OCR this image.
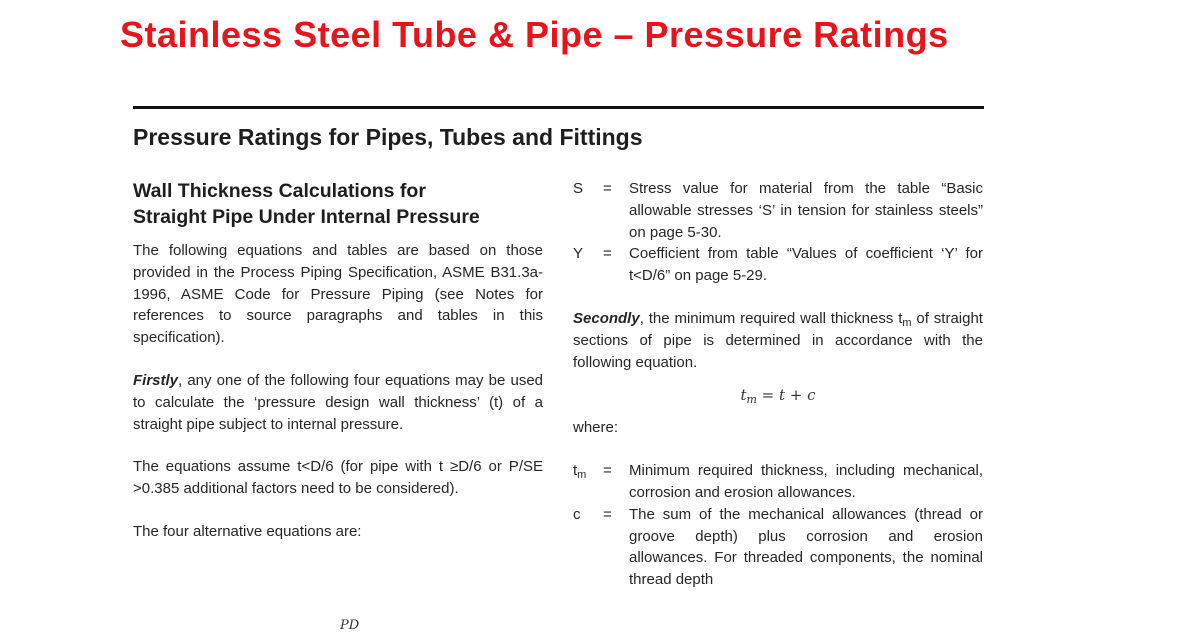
Stainless Steel Tube & Pipe – Pressure Ratings
Pressure Ratings for Pipes, Tubes and Fittings
Wall Thickness Calculations for
Straight Pipe Under Internal Pressure

The following equations and tables are based on those provided in the Process Piping Specification, ASME B31.3a-1996, ASME Code for Pressure Piping (see Notes for references to source paragraphs and tables in this specification).

Firstly, any one of the following four equations may be used to calculate the ‘pressure design wall thickness’ (t) of a straight pipe subject to internal pressure.

The equations assume t<D/6 (for pipe with t ≥D/6 or P/SE >0.385 additional factors need to be considered).

The four alternative equations are:

PD
S	=	Stress value for material from the table “Basic allowable stresses ‘S’ in tension for stainless steels” on page 5-30.
Y	=	Coefficient from table “Values of coefficient ‘Y’ for t<D/6” on page 5-29.

Secondly, the minimum required wall thickness $t_m$ of straight sections of pipe is determined in accordance with the following equation.

$t_m = t + c$

where:

$t_m$	=	Minimum required thickness, including mechanical, corrosion and erosion allowances.
c	=	The sum of the mechanical allowances (thread or groove depth) plus corrosion and erosion allowances. For threaded components, the nominal thread depth
